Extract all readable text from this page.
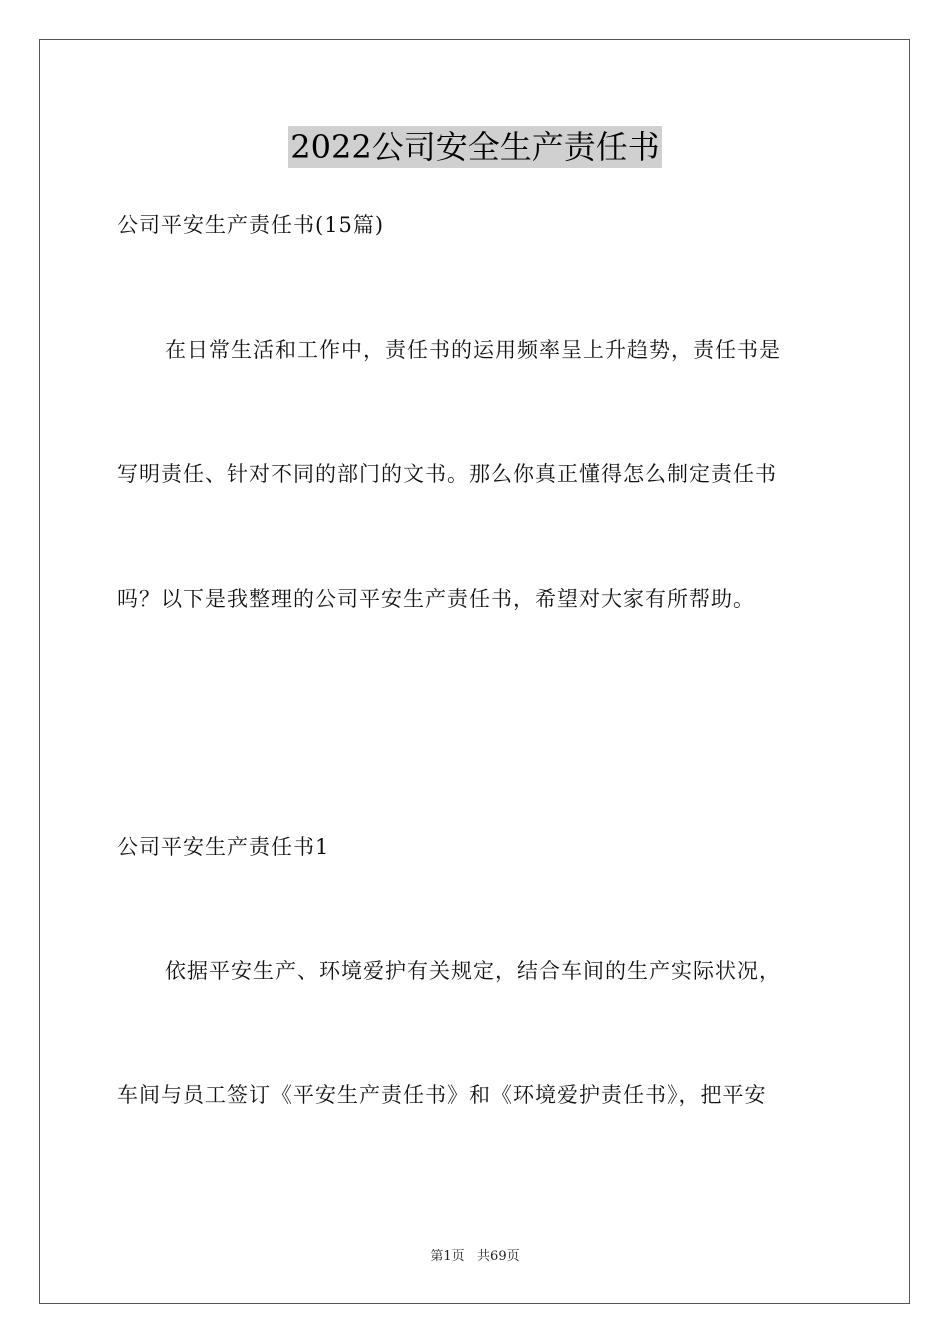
2022公司安全生产责任书
公司平安生产责任书(15篇)
在日常生活和工作中，责任书的运用频率呈上升趋势，责任书是
写明责任、针对不同的部门的文书。那么你真正懂得怎么制定责任书
吗？以下是我整理的公司平安生产责任书，希望对大家有所帮助。
公司平安生产责任书1
依据平安生产、环境爱护有关规定，结合车间的生产实际状况，
车间与员工签订《平安生产责任书》和《环境爱护责任书》，把平安
第1页   共69页
